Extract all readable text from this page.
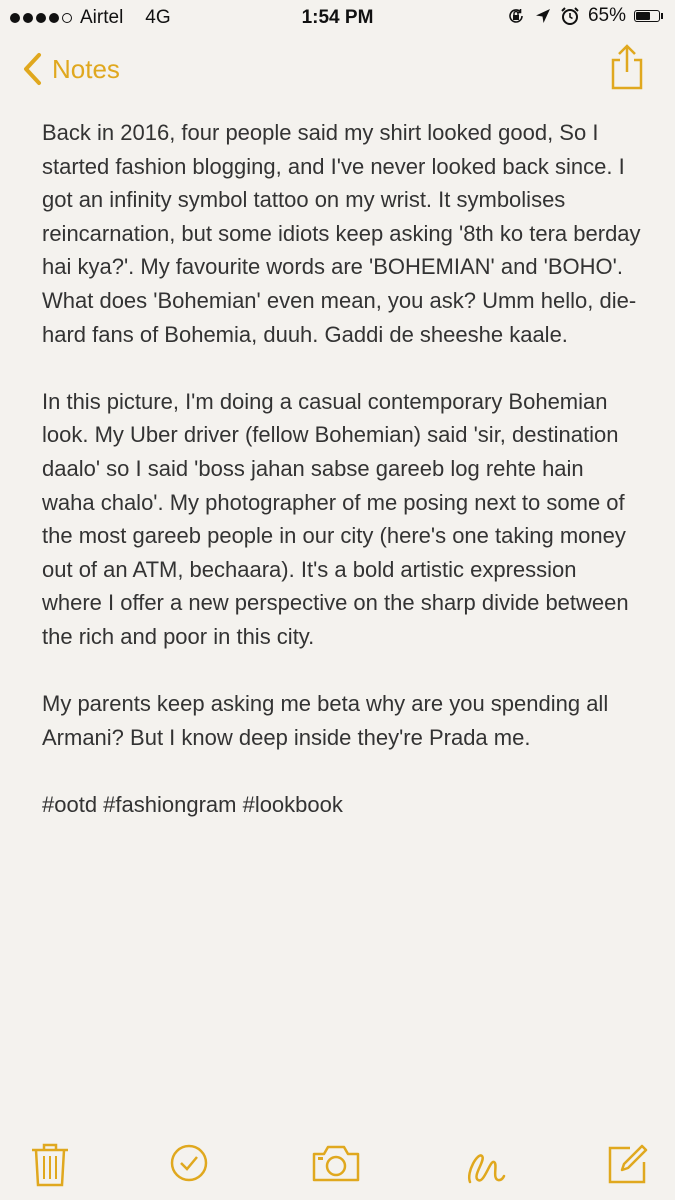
Airtel 4G	1:54 PM	65%
Notes

Back in 2016, four people said my shirt looked good, So I started fashion blogging, and I've never looked back since. I got an infinity symbol tattoo on my wrist. It symbolises reincarnation, but some idiots keep asking '8th ko tera berday hai kya?'. My favourite words are 'BOHEMIAN' and 'BOHO'. What does 'Bohemian' even mean, you ask? Umm hello, die-hard fans of Bohemia, duuh. Gaddi de sheeshe kaale.

In this picture, I'm doing a casual contemporary Bohemian look. My Uber driver (fellow Bohemian) said 'sir, destination daalo' so I said 'boss jahan sabse gareeb log rehte hain waha chalo'. My photographer of me posing next to some of the most gareeb people in our city (here's one taking money out of an ATM, bechaara). It's a bold artistic expression where I offer a new perspective on the sharp divide between the rich and poor in this city.

My parents keep asking me beta why are you spending all Armani? But I know deep inside they're Prada me.

#ootd #fashiongram #lookbook
